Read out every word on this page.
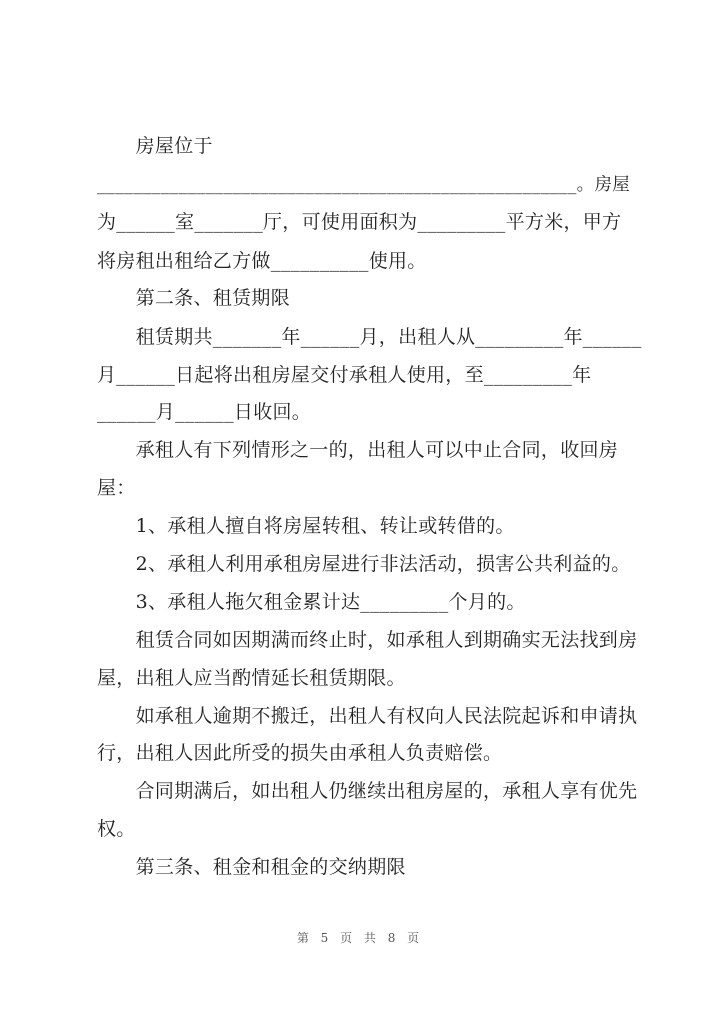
　　房屋位于
_____________________________________________________。房屋
为______室_______厅，可使用面积为_________平方米，甲方
将房租出租给乙方做__________使用。
　　第二条、租赁期限
　　租赁期共_______年______月，出租人从_________年______
月______日起将出租房屋交付承租人使用，至_________年
______月______日收回。
　　承租人有下列情形之一的，出租人可以中止合同，收回房
屋：
　　1、承租人擅自将房屋转租、转让或转借的。
　　2、承租人利用承租房屋进行非法活动，损害公共利益的。
　　3、承租人拖欠租金累计达_________个月的。
　　租赁合同如因期满而终止时，如承租人到期确实无法找到房
屋，出租人应当酌情延长租赁期限。
　　如承租人逾期不搬迁，出租人有权向人民法院起诉和申请执
行，出租人因此所受的损失由承租人负责赔偿。
　　合同期满后，如出租人仍继续出租房屋的，承租人享有优先
权。
　　第三条、租金和租金的交纳期限
第 5 页 共 8 页
